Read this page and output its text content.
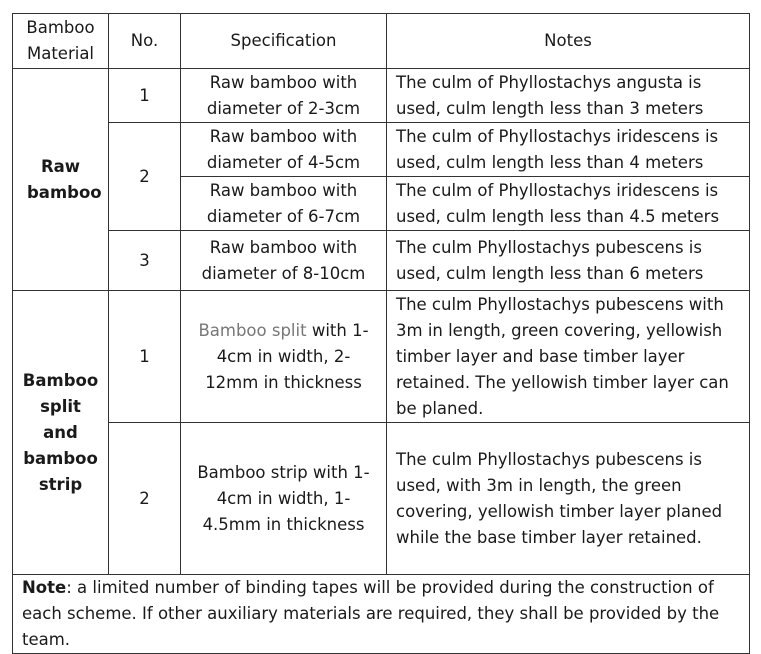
Bamboo Material	No.	Specification	Notes
Raw bamboo	1	Raw bamboo with diameter of 2-3cm	The culm of Phyllostachys angusta is used, culm length less than 3 meters
	2	Raw bamboo with diameter of 4-5cm	The culm of Phyllostachys iridescens is used, culm length less than 4 meters
		Raw bamboo with diameter of 6-7cm	The culm of Phyllostachys iridescens is used, culm length less than 4.5 meters
	3	Raw bamboo with diameter of 8-10cm	The culm Phyllostachys pubescens is used, culm length less than 6 meters
Bamboo split and bamboo strip	1	Bamboo split with 1- 4cm in width, 2-12mm in thickness	The culm Phyllostachys pubescens with 3m in length, green covering, yellowish timber layer and base timber layer retained. The yellowish timber layer can be planed.
	2	Bamboo strip with 1-4cm in width, 1-4.5mm in thickness	The culm Phyllostachys pubescens is used, with 3m in length, the green covering, yellowish timber layer planed while the base timber layer retained.
Note: a limited number of binding tapes will be provided during the construction of each scheme. If other auxiliary materials are required, they shall be provided by the team.			
